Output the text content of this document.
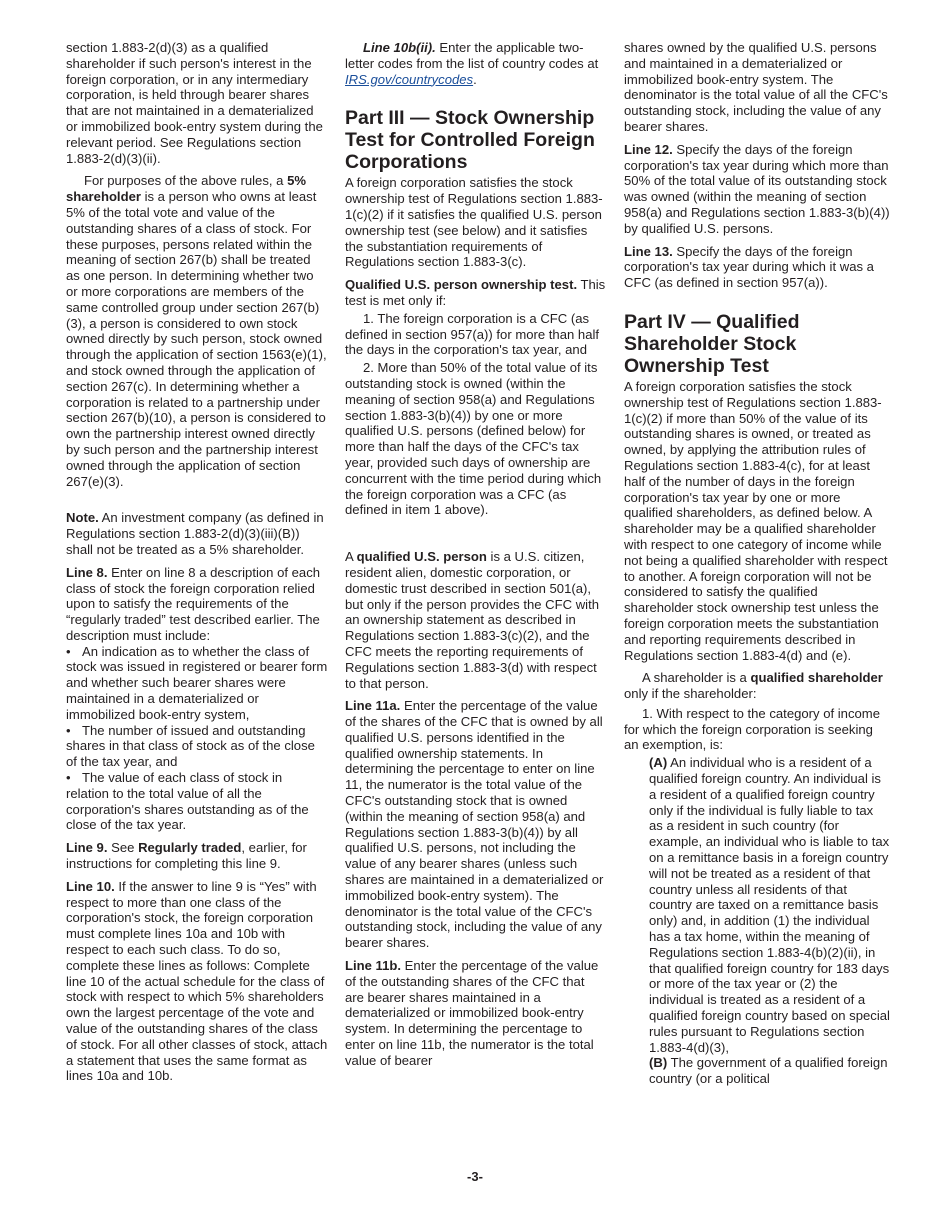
section 1.883-2(d)(3) as a qualified shareholder if such person's interest in the foreign corporation, or in any intermediary corporation, is held through bearer shares that are not maintained in a dematerialized or immobilized book-entry system during the relevant period. See Regulations section 1.883-2(d)(3)(ii).

For purposes of the above rules, a 5% shareholder is a person who owns at least 5% of the total vote and value of the outstanding shares of a class of stock. For these purposes, persons related within the meaning of section 267(b) shall be treated as one person. In determining whether two or more corporations are members of the same controlled group under section 267(b)(3), a person is considered to own stock owned directly by such person, stock owned through the application of section 1563(e)(1), and stock owned through the application of section 267(c). In determining whether a corporation is related to a partnership under section 267(b)(10), a person is considered to own the partnership interest owned directly by such person and the partnership interest owned through the application of section 267(e)(3).

Note. An investment company (as defined in Regulations section 1.883-2(d)(3)(iii)(B)) shall not be treated as a 5% shareholder.

Line 8. Enter on line 8 a description of each class of stock the foreign corporation relied upon to satisfy the requirements of the “regularly traded” test described earlier. The description must include:

• An indication as to whether the class of stock was issued in registered or bearer form and whether such bearer shares were maintained in a dematerialized or immobilized book-entry system,

• The number of issued and outstanding shares in that class of stock as of the close of the tax year, and

• The value of each class of stock in relation to the total value of all the corporation's shares outstanding as of the close of the tax year.

Line 9. See Regularly traded, earlier, for instructions for completing this line 9.

Line 10. If the answer to line 9 is “Yes” with respect to more than one class of the corporation's stock, the foreign corporation must complete lines 10a and 10b with respect to each such class. To do so, complete these lines as follows: Complete line 10 of the actual schedule for the class of stock with respect to which 5% shareholders own the largest percentage of the vote and value of the outstanding shares of the class of stock. For all other classes of stock, attach a statement that uses the same format as lines 10a and 10b.

Line 10b(ii). Enter the applicable two-letter codes from the list of country codes at IRS.gov/countrycodes.

Part III — Stock Ownership Test for Controlled Foreign Corporations

A foreign corporation satisfies the stock ownership test of Regulations section 1.883-1(c)(2) if it satisfies the qualified U.S. person ownership test (see below) and it satisfies the substantiation requirements of Regulations section 1.883-3(c).

Qualified U.S. person ownership test. This test is met only if:

1. The foreign corporation is a CFC (as defined in section 957(a)) for more than half the days in the corporation's tax year, and

2. More than 50% of the total value of its outstanding stock is owned (within the meaning of section 958(a) and Regulations section 1.883-3(b)(4)) by one or more qualified U.S. persons (defined below) for more than half the days of the CFC's tax year, provided such days of ownership are concurrent with the time period during which the foreign corporation was a CFC (as defined in item 1 above).

A qualified U.S. person is a U.S. citizen, resident alien, domestic corporation, or domestic trust described in section 501(a), but only if the person provides the CFC with an ownership statement as described in Regulations section 1.883-3(c)(2), and the CFC meets the reporting requirements of Regulations section 1.883-3(d) with respect to that person.

Line 11a. Enter the percentage of the value of the shares of the CFC that is owned by all qualified U.S. persons identified in the qualified ownership statements. In determining the percentage to enter on line 11, the numerator is the total value of the CFC's outstanding stock that is owned (within the meaning of section 958(a) and Regulations section 1.883-3(b)(4)) by all qualified U.S. persons, not including the value of any bearer shares (unless such shares are maintained in a dematerialized or immobilized book-entry system). The denominator is the total value of the CFC's outstanding stock, including the value of any bearer shares.

Line 11b. Enter the percentage of the value of the outstanding shares of the CFC that are bearer shares maintained in a dematerialized or immobilized book-entry system. In determining the percentage to enter on line 11b, the numerator is the total value of bearer

shares owned by the qualified U.S. persons and maintained in a dematerialized or immobilized book-entry system. The denominator is the total value of all the CFC's outstanding stock, including the value of any bearer shares.

Line 12. Specify the days of the foreign corporation's tax year during which more than 50% of the total value of its outstanding stock was owned (within the meaning of section 958(a) and Regulations section 1.883-3(b)(4)) by qualified U.S. persons.

Line 13. Specify the days of the foreign corporation's tax year during which it was a CFC (as defined in section 957(a)).

Part IV — Qualified Shareholder Stock Ownership Test

A foreign corporation satisfies the stock ownership test of Regulations section 1.883-1(c)(2) if more than 50% of the value of its outstanding shares is owned, or treated as owned, by applying the attribution rules of Regulations section 1.883-4(c), for at least half of the number of days in the foreign corporation's tax year by one or more qualified shareholders, as defined below. A shareholder may be a qualified shareholder with respect to one category of income while not being a qualified shareholder with respect to another. A foreign corporation will not be considered to satisfy the qualified shareholder stock ownership test unless the foreign corporation meets the substantiation and reporting requirements described in Regulations section 1.883-4(d) and (e).

A shareholder is a qualified shareholder only if the shareholder:

1. With respect to the category of income for which the foreign corporation is seeking an exemption, is:

(A) An individual who is a resident of a qualified foreign country. An individual is a resident of a qualified foreign country only if the individual is fully liable to tax as a resident in such country (for example, an individual who is liable to tax on a remittance basis in a foreign country will not be treated as a resident of that country unless all residents of that country are taxed on a remittance basis only) and, in addition (1) the individual has a tax home, within the meaning of Regulations section 1.883-4(b)(2)(ii), in that qualified foreign country for 183 days or more of the tax year or (2) the individual is treated as a resident of a qualified foreign country based on special rules pursuant to Regulations section 1.883-4(d)(3),

(B) The government of a qualified foreign country (or a political

-3-
